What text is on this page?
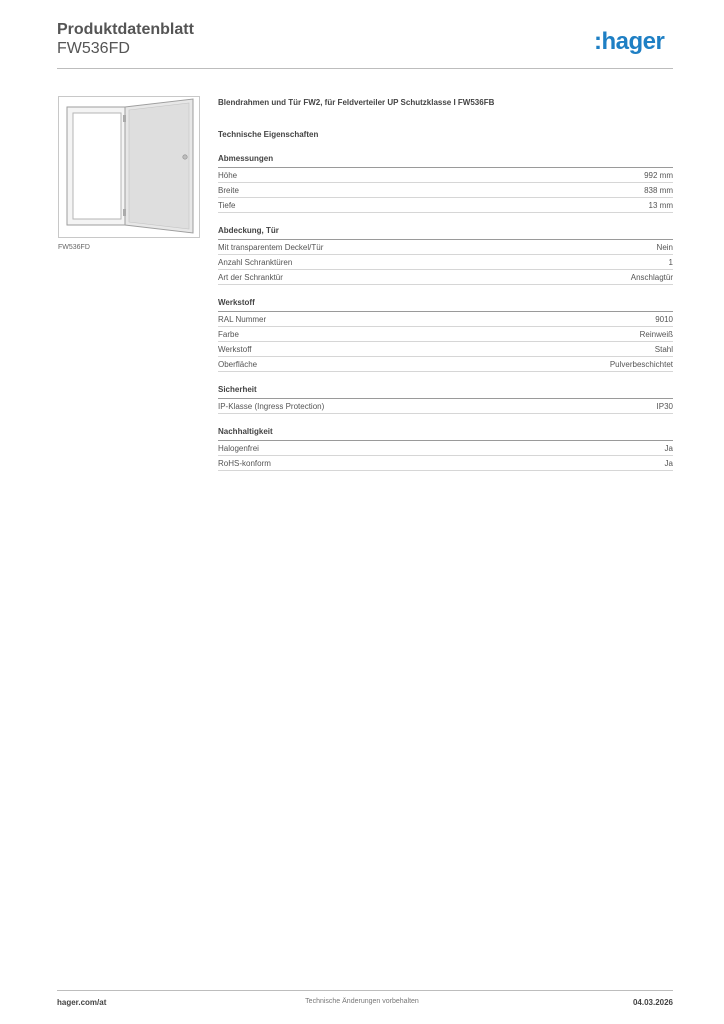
Produktdatenblatt
FW536FD	:hager
FW536FD

Blendrahmen und Tür FW2, für Feldverteiler UP Schutzklasse I FW536FB

Technische Eigenschaften
Abmessungen
Höhe	992 mm
Breite	838 mm
Tiefe	13 mm
Abdeckung, Tür
Mit transparentem Deckel/Tür	Nein
Anzahl Schranktüren	1
Art der Schranktür	Anschlagtür
Werkstoff
RAL Nummer	9010
Farbe	Reinweiß
Werkstoff	Stahl
Oberfläche	Pulverbeschichtet
Sicherheit
IP-Klasse (Ingress Protection)	IP30
Nachhaltigkeit
Halogenfrei	Ja
RoHS-konform	Ja
hager.com/at	Technische Änderungen vorbehalten	04.03.2026
